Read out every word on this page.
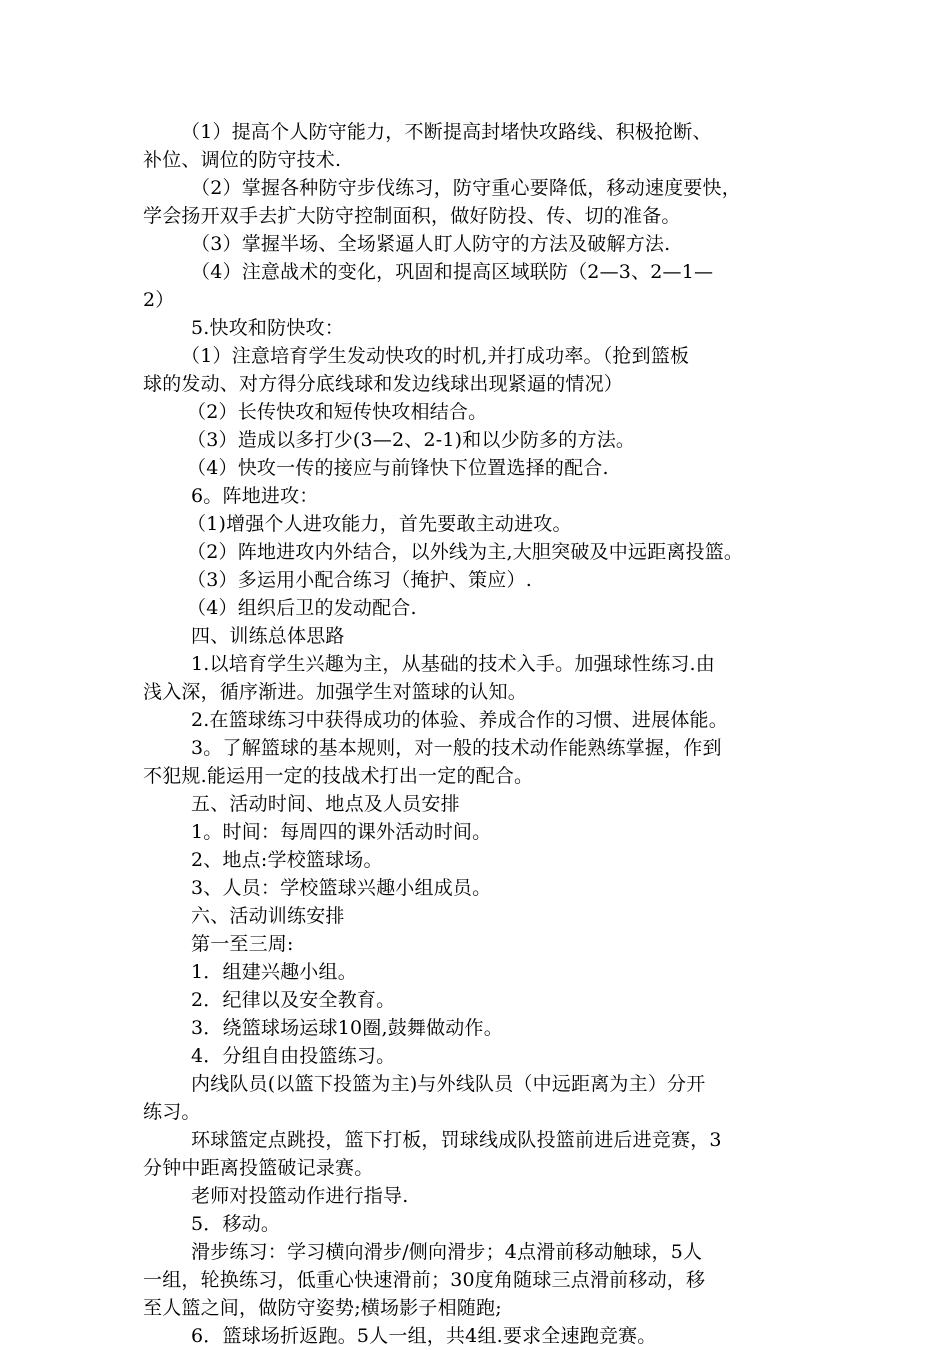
（1）提高个人防守能力，不断提高封堵快攻路线、积极抢断、
补位、调位的防守技术.
（2）掌握各种防守步伐练习，防守重心要降低，移动速度要快，
学会扬开双手去扩大防守控制面积，做好防投、传、切的准备。
（3）掌握半场、全场紧逼人盯人防守的方法及破解方法.
（4）注意战术的变化，巩固和提高区域联防（2—3、2—1—
2）
5.快攻和防快攻：
（1）注意培育学生发动快攻的时机,并打成功率。（抢到篮板
球的发动、对方得分底线球和发边线球出现紧逼的情况）
（2）长传快攻和短传快攻相结合。
（3）造成以多打少(3—2、2-1)和以少防多的方法。
（4）快攻一传的接应与前锋快下位置选择的配合.
6。阵地进攻：
（1)增强个人进攻能力，首先要敢主动进攻。
（2）阵地进攻内外结合，以外线为主,大胆突破及中远距离投篮。
（3）多运用小配合练习（掩护、策应）.
（4）组织后卫的发动配合.
四、训练总体思路
1.以培育学生兴趣为主，从基础的技术入手。加强球性练习.由
浅入深，循序渐进。加强学生对篮球的认知。
2.在篮球练习中获得成功的体验、养成合作的习惯、进展体能。
3。了解篮球的基本规则，对一般的技术动作能熟练掌握，作到
不犯规.能运用一定的技战术打出一定的配合。
五、活动时间、地点及人员安排
1。时间：每周四的课外活动时间。
2、地点:学校篮球场。
3、人员：学校篮球兴趣小组成员。
六、活动训练安排
第一至三周:
1．组建兴趣小组。
2．纪律以及安全教育。
3．绕篮球场运球10圈,鼓舞做动作。
4．分组自由投篮练习。
内线队员(以篮下投篮为主)与外线队员（中远距离为主）分开
练习。
环球篮定点跳投，篮下打板，罚球线成队投篮前进后进竞赛，3
分钟中距离投篮破记录赛。
老师对投篮动作进行指导.
5．移动。
滑步练习：学习横向滑步/侧向滑步；4点滑前移动触球，5人
一组，轮换练习，低重心快速滑前；30度角随球三点滑前移动，移
至人篮之间，做防守姿势;横场影子相随跑;
6．篮球场折返跑。5人一组，共4组.要求全速跑竞赛。
